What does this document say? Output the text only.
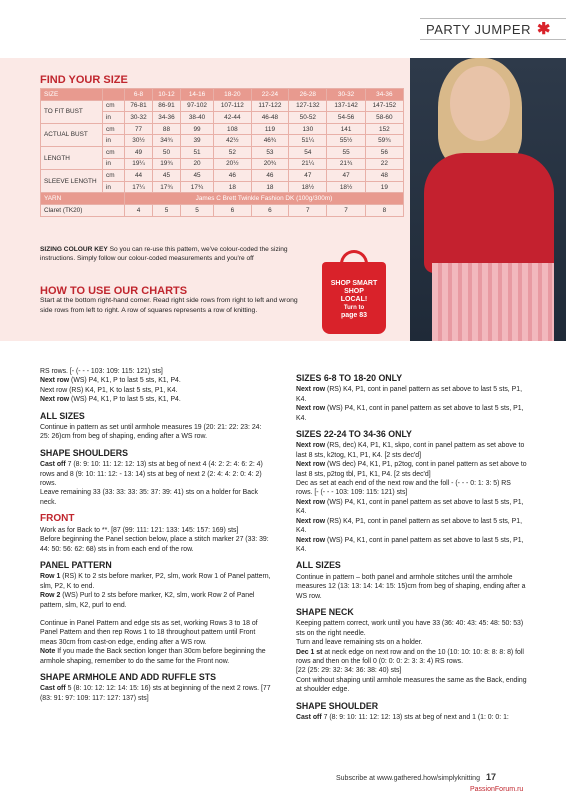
PARTY JUMPER ✱
FIND YOUR SIZE
SIZE		6-8	10-12	14-16	18-20	22-24	26-28	30-32	34-36
TO FIT BUST	cm	76-81	86-91	97-102	107-112	117-122	127-132	137-142	147-152
	in	30-32	34-36	38-40	42-44	46-48	50-52	54-56	58-60
ACTUAL BUST	cm	77	88	99	108	119	130	141	152
	in	30½	34¾	39	42½	46¾	51¼	55½	59¾
LENGTH	cm	49	50	51	52	53	54	55	56
	in	19¼	19¾	20	20½	20¾	21¼	21¾	22
SLEEVE LENGTH	cm	44	45	45	46	46	47	47	48
	in	17¼	17¾	17¾	18	18	18½	18½	19
YARN		James C Brett Twinkle Fashion DK (100g/300m)							
Claret (TK20)		4	5	5	6	6	7	7	8
SIZING COLOUR KEY So you can re-use this pattern, we've colour-coded the sizing instructions. Simply follow our colour-coded measurements and you're off
HOW TO USE OUR CHARTS
Start at the bottom right-hand corner. Read right side rows from right to left and wrong side rows from left to right. A row of squares represents a row of knitting.
SHOP SMART
SHOP
LOCAL!
Turn to
page 83

RS rows. [- (- - - 103: 109: 115: 121) sts]

Next row (WS) P4, K1, P to last 5 sts, K1, P4.

Next row (RS) K4, P1, K to last 5 sts, P1, K4.

Next row (WS) P4, K1, P to last 5 sts, K1, P4.

ALL SIZES

Continue in pattern as set until armhole measures 19 (20: 21: 22: 23: 24: 25: 26)cm from beg of shaping, ending after a WS row.

SHAPE SHOULDERS

Cast off 7 (8: 9: 10: 11: 12: 12: 13) sts at beg of next 4 (4: 2: 2: 4: 6: 2: 4) rows and 8 (9: 10: 11: 12: - 13: 14) sts at beg of next 2 (2: 4: 4: 2: 0: 4: 2) rows.

Leave remaining 33 (33: 33: 33: 35: 37: 39: 41) sts on a holder for Back neck.

FRONT

Work as for Back to **. [87 (99: 111: 121: 133: 145: 157: 169) sts]

Before beginning the Panel section below, place a stitch marker 27 (33: 39: 44: 50: 56: 62: 68) sts in from each end of the row.

PANEL PATTERN

Row 1 (RS) K to 2 sts before marker, P2, slm, work Row 1 of Panel pattern, slm, P2, K to end.

Row 2 (WS) Purl to 2 sts before marker, K2, slm, work Row 2 of Panel pattern, slm, K2, purl to end.

Continue in Panel Pattern and edge sts as set, working Rows 3 to 18 of Panel Pattern and then rep Rows 1 to 18 throughout pattern until Front meas 30cm from cast-on edge, ending after a WS row.

Note If you made the Back section longer than 30cm before beginning the armhole shaping, remember to do the same for the Front now.

SHAPE ARMHOLE AND ADD RUFFLE STS

Cast off 5 (8: 10: 12: 12: 14: 15: 16) sts at beginning of the next 2 rows. [77 (83: 91: 97: 109: 117: 127: 137) sts]

SIZES 6-8 TO 18-20 ONLY

Next row (RS) K4, P1, cont in panel pattern as set above to last 5 sts, P1, K4.

Next row (WS) P4, K1, cont in panel pattern as set above to last 5 sts, P1, K4.

SIZES 22-24 TO 34-36 ONLY

Next row (RS, dec) K4, P1, K1, skpo, cont in panel pattern as set above to last 8 sts, k2tog, K1, P1, K4. [2 sts dec'd]

Next row (WS dec) P4, K1, P1, p2tog, cont in panel pattern as set above to last 8 sts, p2tog tbl, P1, K1, P4. [2 sts dec'd]

Dec as set at each end of the next row and the foll - (- - - 0: 1: 3: 5) RS rows. [- (- - - 103: 109: 115: 121) sts]

Next row (WS) P4, K1, cont in panel pattern as set above to last 5 sts, P1, K4.

Next row (RS) K4, P1, cont in panel pattern as set above to last 5 sts, P1, K4.

Next row (WS) P4, K1, cont in panel pattern as set above to last 5 sts, P1, K4.

ALL SIZES

Continue in pattern – both panel and armhole stitches until the armhole measures 12 (13: 13: 14: 14: 15: 15)cm from beg of shaping, ending after a WS row.

SHAPE NECK

Keeping pattern correct, work until you have 33 (36: 40: 43: 45: 48: 50: 53) sts on the right needle.

Turn and leave remaining sts on a holder.

Dec 1 st at neck edge on next row and on the 10 (10: 10: 10: 8: 8: 8: 8) foll rows and then on the foll 0 (0: 0: 0: 2: 3: 3: 4) RS rows.

[22 (25: 29: 32: 34: 36: 38: 40) sts]

Cont without shaping until armhole measures the same as the Back, ending at shoulder edge.

SHAPE SHOULDER

Cast off 7 (8: 9: 10: 11: 12: 12: 13) sts at beg of next and 1 (1: 0: 0: 1:

Subscribe at www.gathered.how/simplyknitting 17
PassionForum.ru
